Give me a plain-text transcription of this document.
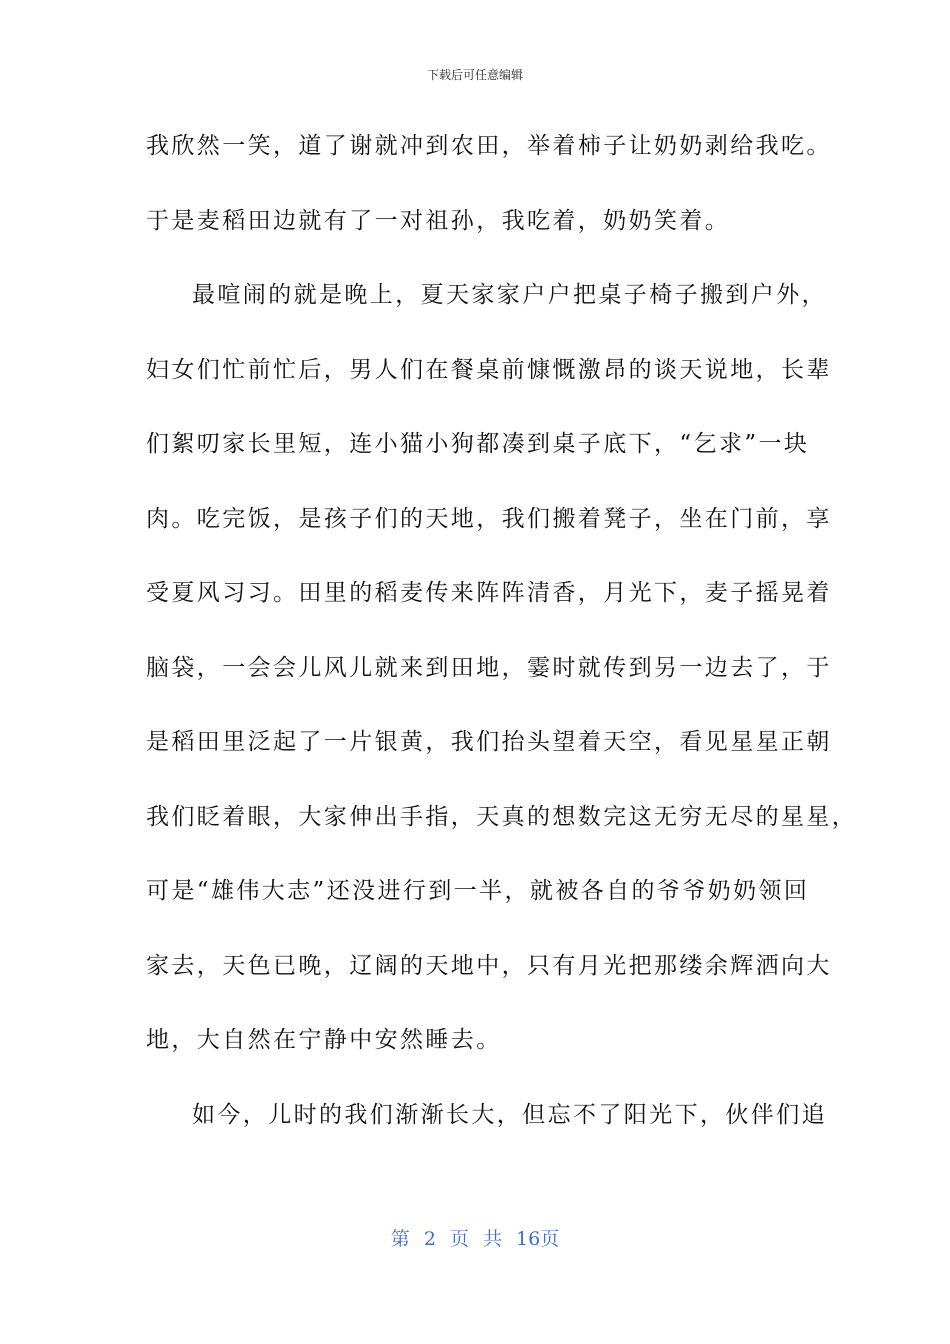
下载后可任意编辑
我欣然一笑，道了谢就冲到农田，举着柿子让奶奶剥给我吃。
于是麦稻田边就有了一对祖孙，我吃着，奶奶笑着。
最喧闹的就是晚上，夏天家家户户把桌子椅子搬到户外，
妇女们忙前忙后，男人们在餐桌前慷慨激昂的谈天说地，长辈
们絮叨家长里短，连小猫小狗都凑到桌子底下，“乞求”一块
肉。吃完饭，是孩子们的天地，我们搬着凳子，坐在门前，享
受夏风习习。田里的稻麦传来阵阵清香，月光下，麦子摇晃着
脑袋，一会会儿风儿就来到田地，霎时就传到另一边去了，于
是稻田里泛起了一片银黄，我们抬头望着天空，看见星星正朝
我们眨着眼，大家伸出手指，天真的想数完这无穷无尽的星星，
可是“雄伟大志”还没进行到一半，就被各自的爷爷奶奶领回
家去，天色已晚，辽阔的天地中，只有月光把那缕余辉洒向大
地，大自然在宁静中安然睡去。
如今，儿时的我们渐渐长大，但忘不了阳光下，伙伴们追
第 2 页 共 16页
